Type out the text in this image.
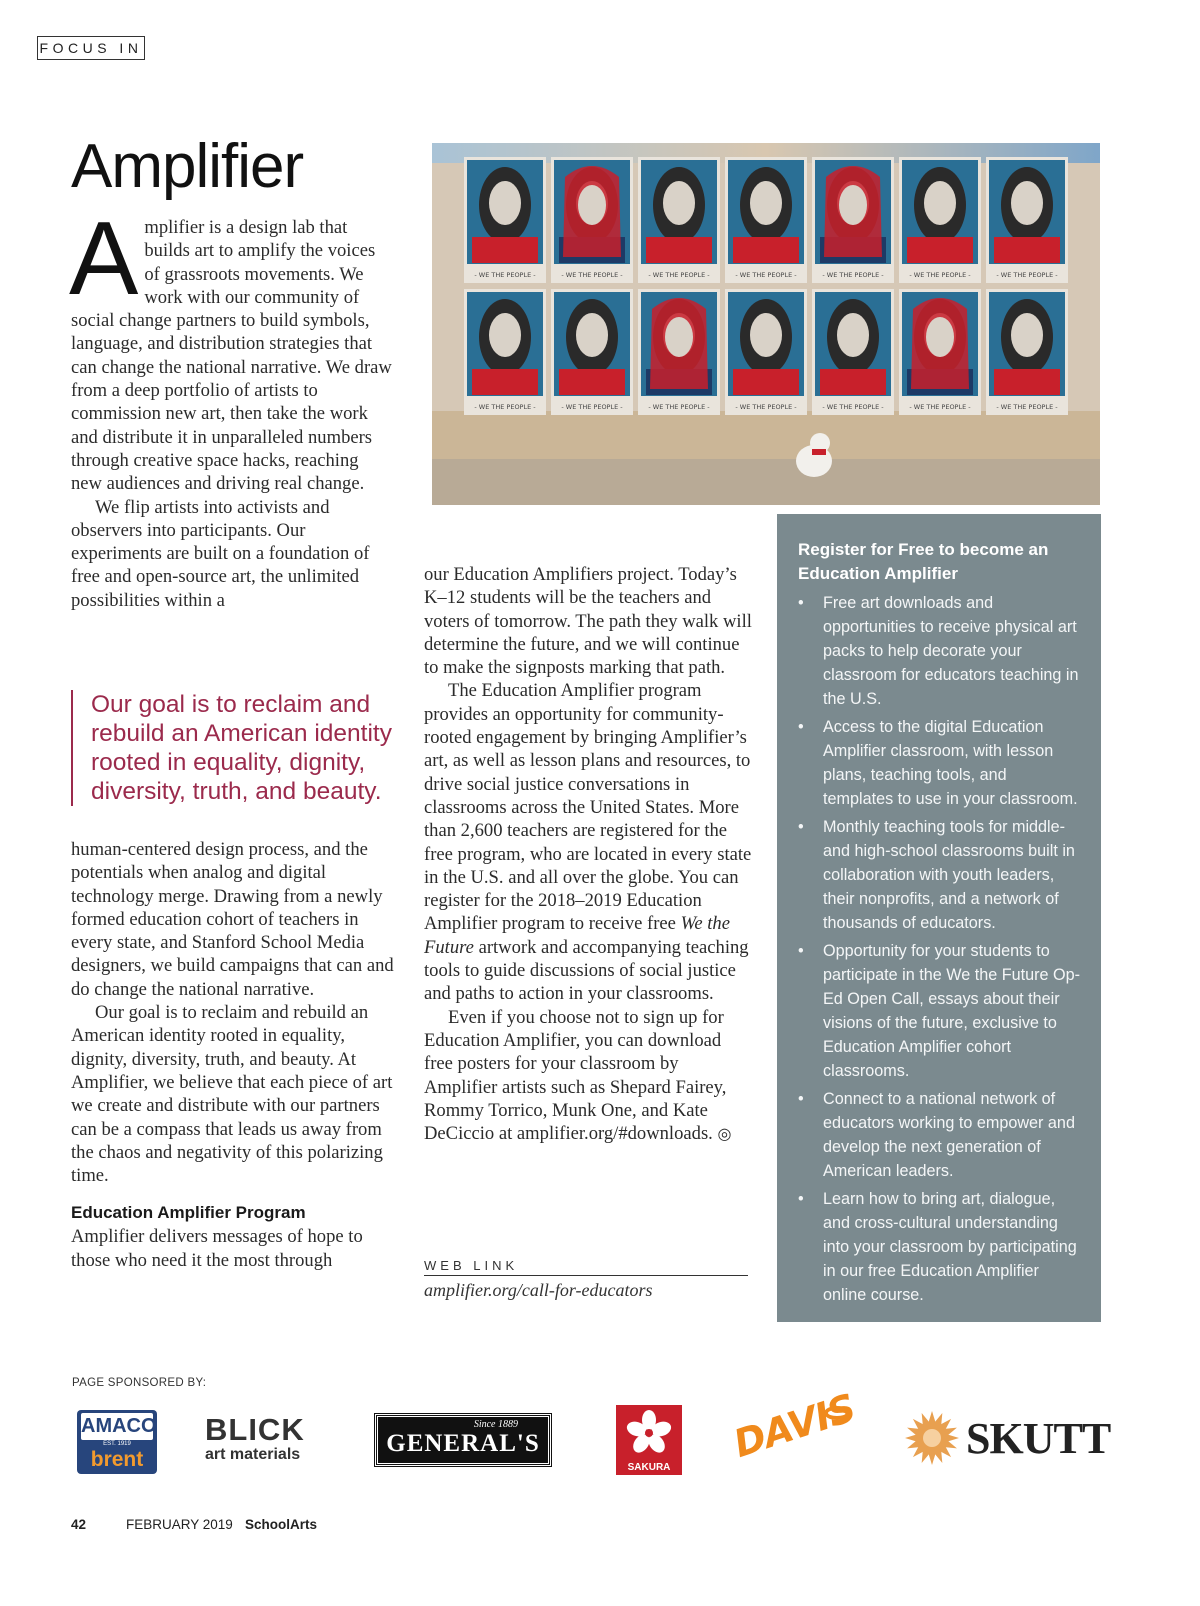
FOCUS IN
Amplifier
A mplifier is a design lab that builds art to amplify the voices of grassroots movements. We work with our community of social change partners to build symbols, language, and distribution strategies that can change the national narrative. We draw from a deep portfolio of artists to commission new art, then take the work and distribute it in unparalleled numbers through creative space hacks, reaching new audiences and driving real change.

We flip artists into activists and observers into participants. Our experiments are built on a foundation of free and open-source art, the unlimited possibilities within a

Our goal is to reclaim and rebuild an American identity rooted in equality, dignity, diversity, truth, and beauty.

human-centered design process, and the potentials when analog and digital technology merge. Drawing from a newly formed education cohort of teachers in every state, and Stanford School Media designers, we build campaigns that can and do change the national narrative.

Our goal is to reclaim and rebuild an American identity rooted in equality, dignity, diversity, truth, and beauty. At Amplifier, we believe that each piece of art we create and distribute with our partners can be a compass that leads us away from the chaos and negativity of this polarizing time.

Education Amplifier Program

Amplifier delivers messages of hope to those who need it the most through

our Education Amplifiers project. Today’s K–12 students will be the teachers and voters of tomorrow. The path they walk will determine the future, and we will continue to make the signposts marking that path.

The Education Amplifier program provides an opportunity for community-rooted engagement by bringing Amplifier’s art, as well as lesson plans and resources, to drive social justice conversations in classrooms across the United States. More than 2,600 teachers are registered for the free program, who are located in every state in the U.S. and all over the globe. You can register for the 2018–2019 Education Amplifier program to receive free We the Future artwork and accompanying teaching tools to guide discussions of social justice and paths to action in your classrooms.

Even if you choose not to sign up for Education Amplifier, you can download free posters for your classroom by Amplifier artists such as Shepard Fairey, Rommy Torrico, Munk One, and Kate DeCiccio at amplifier.org/#downloads. ◎

WEB LINK
amplifier.org/call-for-educators
Register for Free to become an Education Amplifier
• Free art downloads and opportunities to receive physical art packs to help decorate your classroom for educators teaching in the U.S.
• Access to the digital Education Amplifier classroom, with lesson plans, teaching tools, and templates to use in your classroom.
• Monthly teaching tools for middle- and high-school classrooms built in collaboration with youth leaders, their nonprofits, and a network of thousands of educators.
• Opportunity for your students to participate in the We the Future Op-Ed Open Call, essays about their visions of the future, exclusive to Education Amplifier cohort classrooms.
• Connect to a national network of educators working to empower and develop the next generation of American leaders.
• Learn how to bring art, dialogue, and cross-cultural understanding into your classroom by participating in our free Education Amplifier online course.
- WE THE PEOPLE -	- WE THE PEOPLE -	- WE THE PEOPLE -	- WE THE PEOPLE -	- WE THE PEOPLE -	- WE THE PEOPLE -	- WE THE PEOPLE -
- WE THE PEOPLE -	- WE THE PEOPLE -	- WE THE PEOPLE -	- WE THE PEOPLE -	- WE THE PEOPLE -	- WE THE PEOPLE -	- WE THE PEOPLE -
PAGE SPONSORED BY:
AMACO
EST. 1919
brent
BLICK
art materials
Since 1889
GENERAL'S
SAKURA
DAVIS SKUTT
42	FEBRUARY 2019 SchoolArts
